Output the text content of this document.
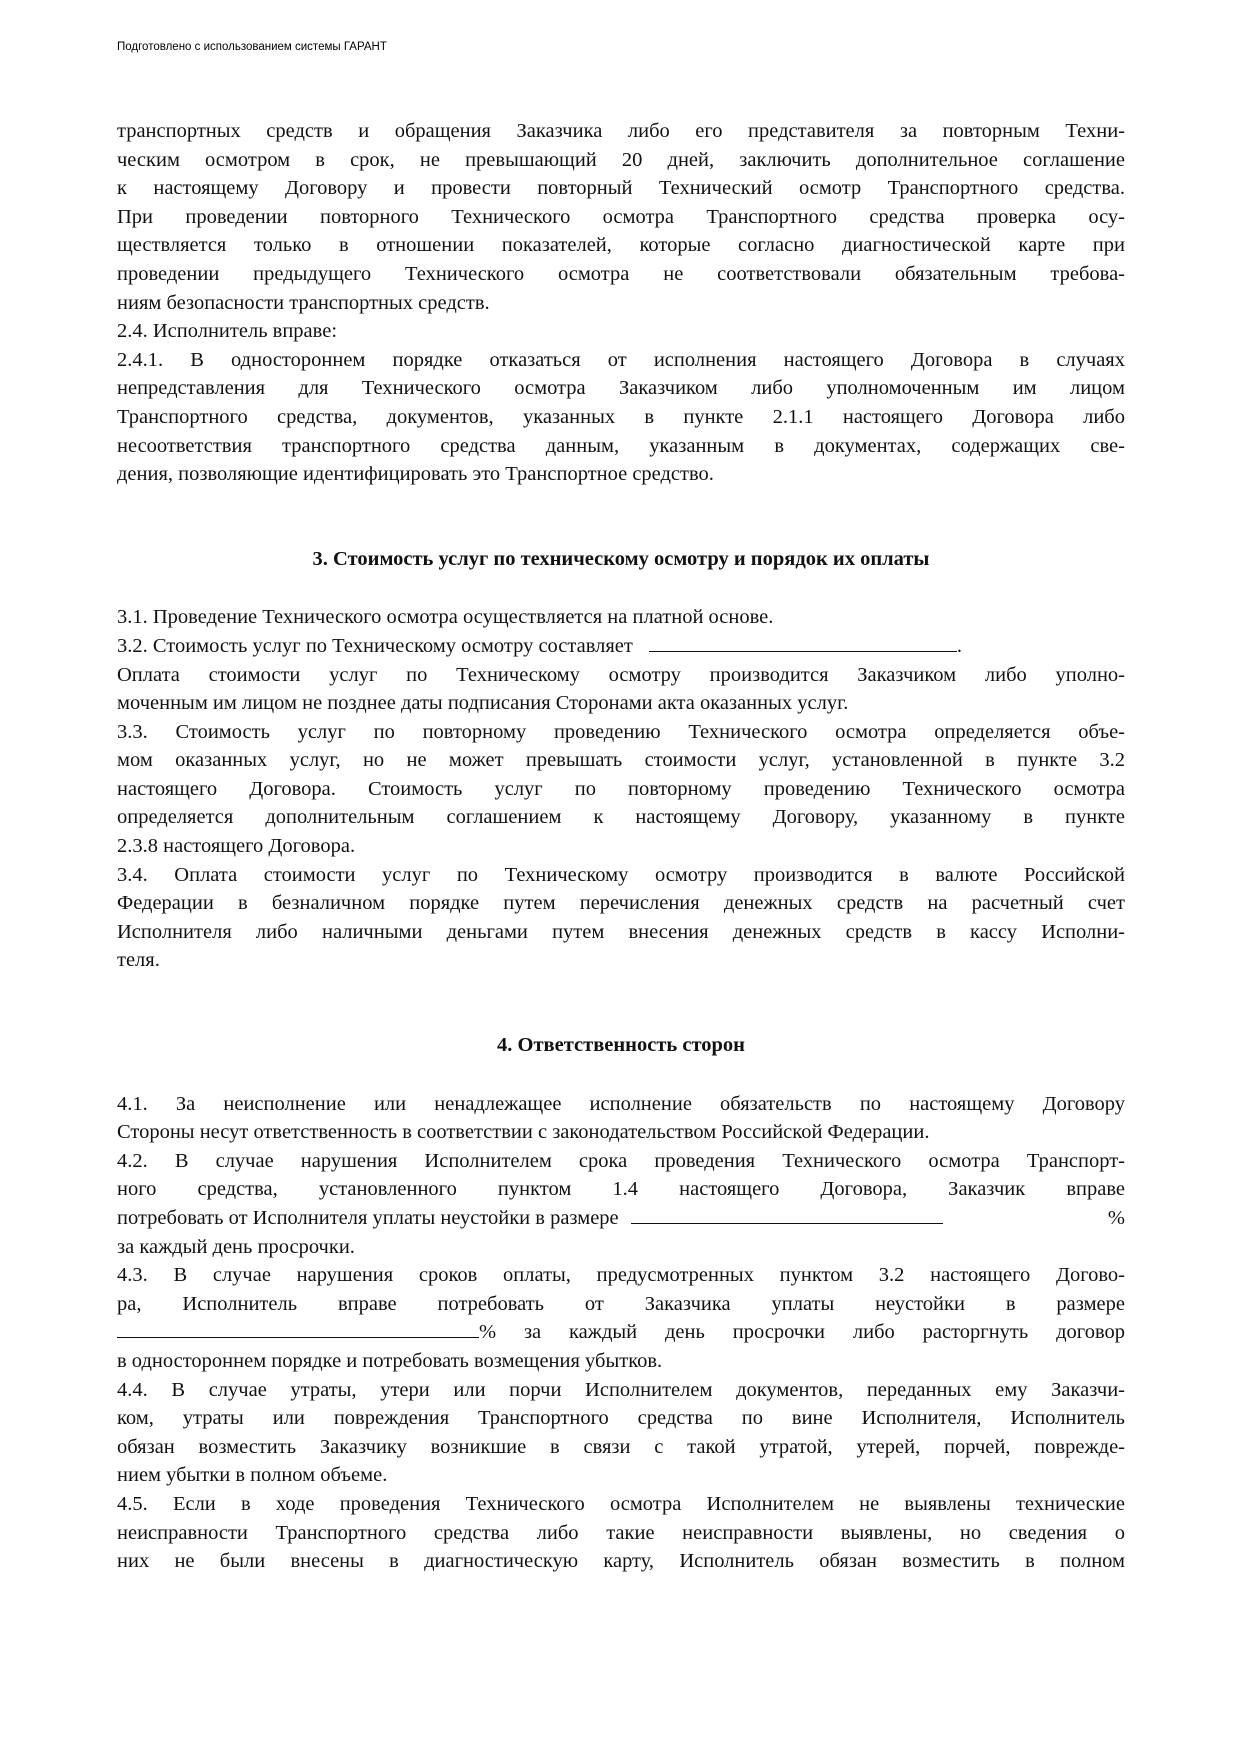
Подготовлено с использованием системы ГАРАНТ
транспортных средств и обращения Заказчика либо его представителя за повторным Техни-
ческим осмотром в срок, не превышающий 20 дней, заключить дополнительное соглашение
к настоящему Договору и провести повторный Технический осмотр Транспортного средства.
При проведении повторного Технического осмотра Транспортного средства проверка осу-
ществляется только в отношении показателей, которые согласно диагностической карте при
проведении предыдущего Технического осмотра не соответствовали обязательным требова-
ниям безопасности транспортных средств.
2.4. Исполнитель вправе:
2.4.1. В одностороннем порядке отказаться от исполнения настоящего Договора в случаях
непредставления для Технического осмотра Заказчиком либо уполномоченным им лицом
Транспортного средства, документов, указанных в пункте 2.1.1 настоящего Договора либо
несоответствия транспортного средства данным, указанным в документах, содержащих све-
дения, позволяющие идентифицировать это Транспортное средство.
3. Стоимость услуг по техническому осмотру и порядок их оплаты
3.1. Проведение Технического осмотра осуществляется на платной основе.
3.2. Стоимость услуг по Техническому осмотру составляет	.
Оплата стоимости услуг по Техническому осмотру производится Заказчиком либо уполно-
моченным им лицом не позднее даты подписания Сторонами акта оказанных услуг.
3.3. Стоимость услуг по повторному проведению Технического осмотра определяется объе-
мом оказанных услуг, но не может превышать стоимости услуг, установленной в пункте 3.2
настоящего Договора. Стоимость услуг по повторному проведению Технического осмотра
определяется дополнительным соглашением к настоящему Договору, указанному в пункте
2.3.8 настоящего Договора.
3.4. Оплата стоимости услуг по Техническому осмотру производится в валюте Российской
Федерации в безналичном порядке путем перечисления денежных средств на расчетный счет
Исполнителя либо наличными деньгами путем внесения денежных средств в кассу Исполни-
теля.
4. Ответственность сторон
4.1. За неисполнение или ненадлежащее исполнение обязательств по настоящему Договору
Стороны несут ответственность в соответствии с законодательством Российской Федерации.
4.2. В случае нарушения Исполнителем срока проведения Технического осмотра Транспорт-
ного средства, установленного пунктом 1.4 настоящего Договора, Заказчик вправе
потребовать от Исполнителя уплаты неустойки в размере	%
за каждый день просрочки.
4.3. В случае нарушения сроков оплаты, предусмотренных пунктом 3.2 настоящего Догово-
ра, Исполнитель вправе потребовать от Заказчика уплаты неустойки в размере
% за каждый день просрочки либо расторгнуть договор
в одностороннем порядке и потребовать возмещения убытков.
4.4. В случае утраты, утери или порчи Исполнителем документов, переданных ему Заказчи-
ком, утраты или повреждения Транспортного средства по вине Исполнителя, Исполнитель
обязан возместить Заказчику возникшие в связи с такой утратой, утерей, порчей, поврежде-
нием убытки в полном объеме.
4.5. Если в ходе проведения Технического осмотра Исполнителем не выявлены технические
неисправности Транспортного средства либо такие неисправности выявлены, но сведения о
них не были внесены в диагностическую карту, Исполнитель обязан возместить в полном
